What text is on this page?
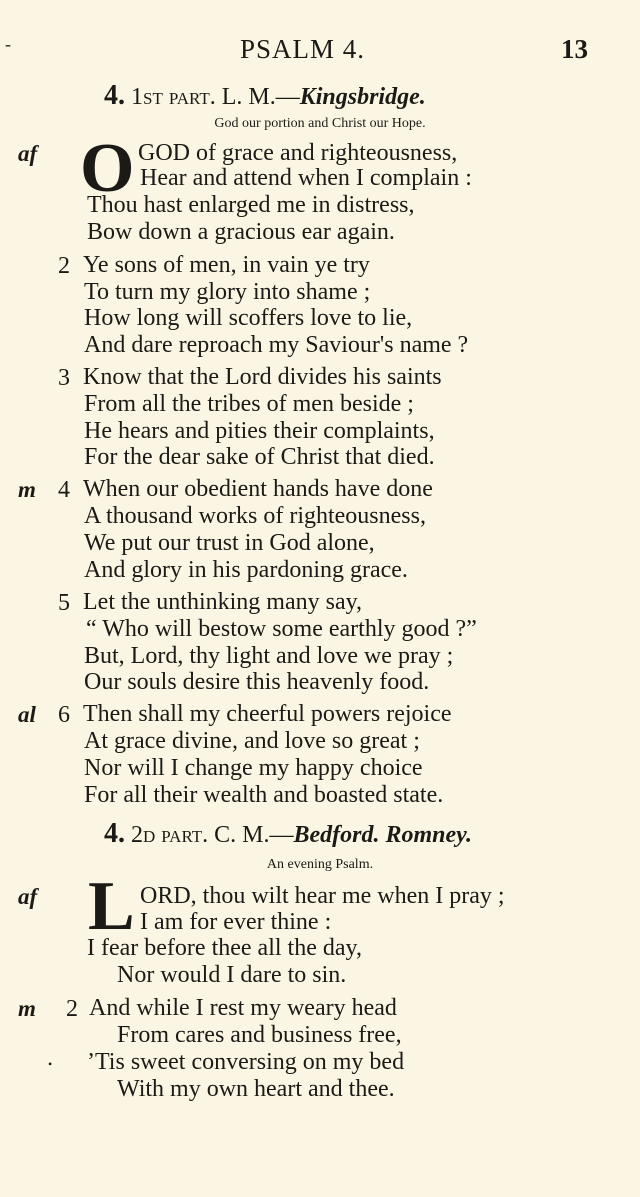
-	PSALM 4.	13
4. 1st part. L. M.—Kingsbridge.
God our portion and Christ our Hope.
O
af	GOD of grace and righteousness,
Hear and attend when I complain :
Thou hast enlarged me in distress,
Bow down a gracious ear again.
2 Ye sons of men, in vain ye try
To turn my glory into shame ;
How long will scoffers love to lie,
And dare reproach my Saviour's name ?
3 Know that the Lord divides his saints
From all the tribes of men beside ;
He hears and pities their complaints,
For the dear sake of Christ that died.
m 4 When our obedient hands have done
A thousand works of righteousness,
We put our trust in God alone,
And glory in his pardoning grace.
5 Let the unthinking many say,
“ Who will bestow some earthly good ?”
But, Lord, thy light and love we pray ;
Our souls desire this heavenly food.
al 6 Then shall my cheerful powers rejoice
At grace divine, and love so great ;
Nor will I change my happy choice
For all their wealth and boasted state.
4. 2d part. C. M.—Bedford. Romney.
An evening Psalm.
L
af	ORD, thou wilt hear me when I pray ;
I am for ever thine :
I fear before thee all the day,
Nor would I dare to sin.
m 2 And while I rest my weary head
From cares and business free,
• ’Tis sweet conversing on my bed
With my own heart and thee.
